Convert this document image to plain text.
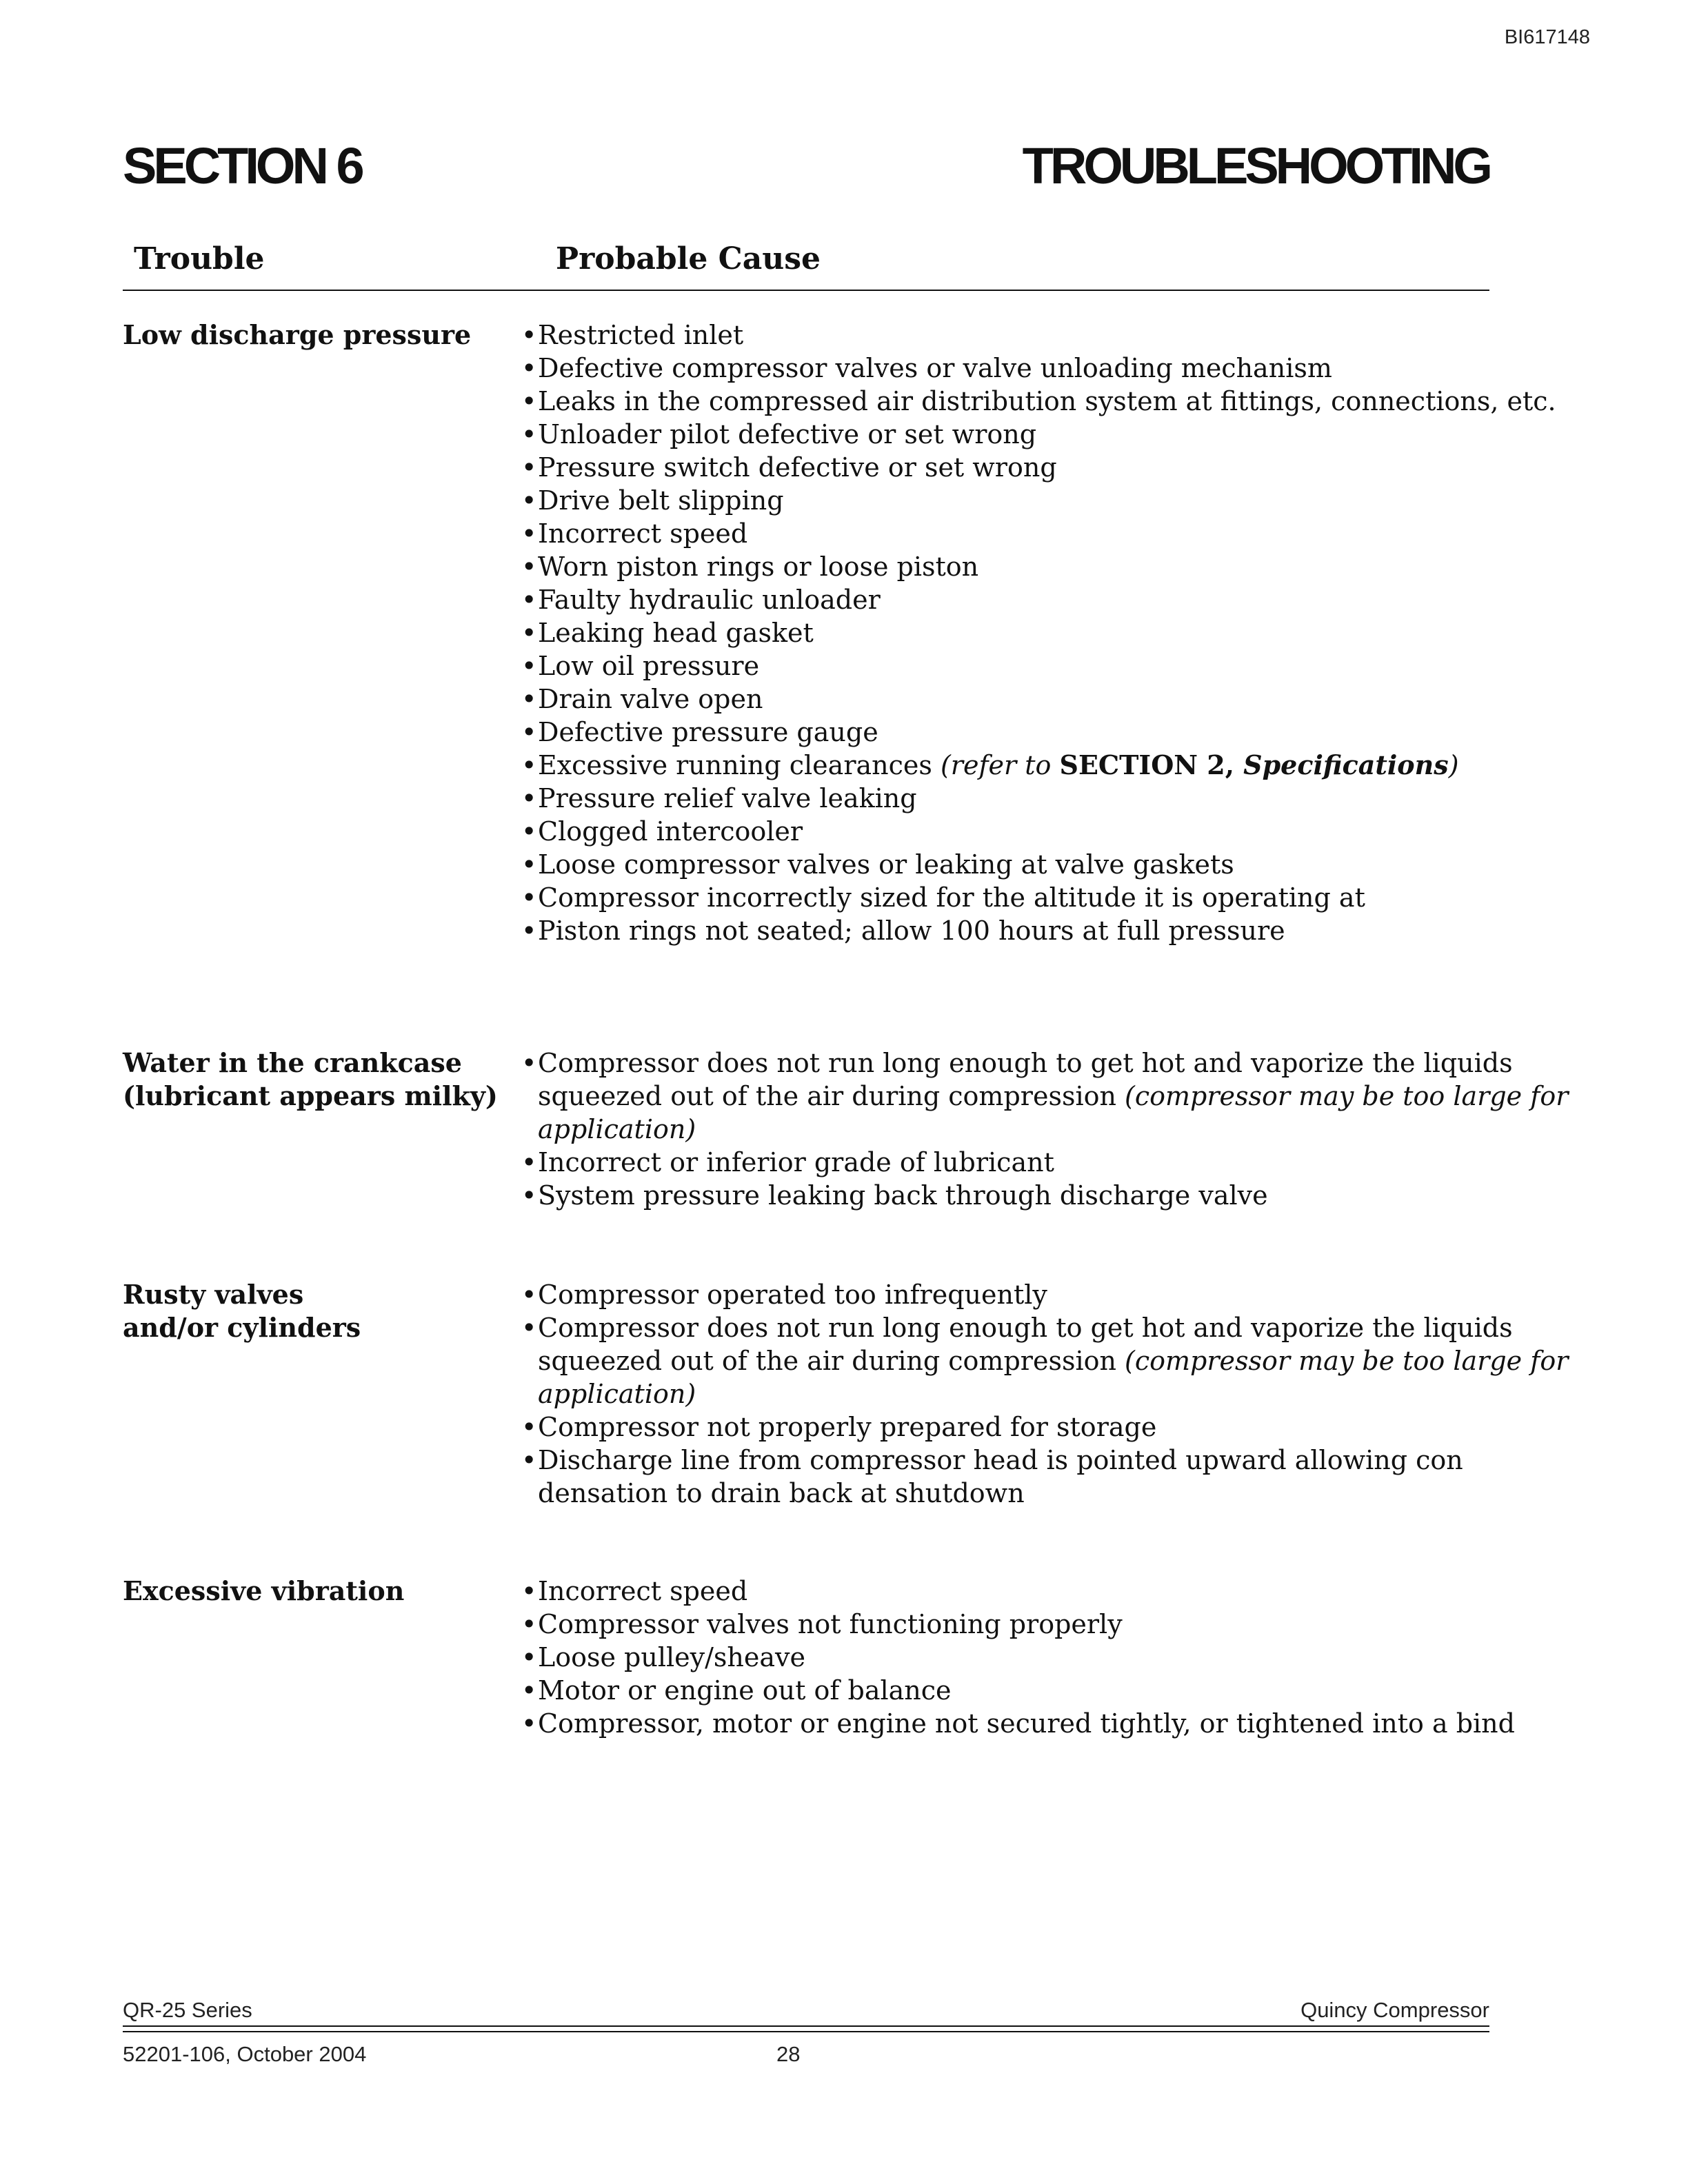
BI617148
SECTION 6	TROUBLESHOOTING
Trouble	Probable Cause
Low discharge pressure	• Restricted inlet
• Defective compressor valves or valve unloading mechanism
• Leaks in the compressed air distribution system at fittings, connections, etc.
• Unloader pilot defective or set wrong
• Pressure switch defective or set wrong
• Drive belt slipping
• Incorrect speed
• Worn piston rings or loose piston
• Faulty hydraulic unloader
• Leaking head gasket
• Low oil pressure
• Drain valve open
• Defective pressure gauge
• Excessive running clearances (refer to SECTION 2, Specifications)
• Pressure relief valve leaking
• Clogged intercooler
• Loose compressor valves or leaking at valve gaskets
• Compressor incorrectly sized for the altitude it is operating at
• Piston rings not seated; allow 100 hours at full pressure
Water in the crankcase
(lubricant appears milky)
• Compressor does not run long enough to get hot and vaporize the liquids squeezed out of the air during compression (compressor may be too large for application)
• Incorrect or inferior grade of lubricant
• System pressure leaking back through discharge valve
Rusty valves
and/or cylinders
• Compressor operated too infrequently
• Compressor does not run long enough to get hot and vaporize the liquids squeezed out of the air during compression (compressor may be too large for application)
• Compressor not properly prepared for storage
• Discharge line from compressor head is pointed upward allowing con densation to drain back at shutdown
Excessive vibration	• Incorrect speed
• Compressor valves not functioning properly
• Loose pulley/sheave
• Motor or engine out of balance
• Compressor, motor or engine not secured tightly, or tightened into a bind
QR-25 Series	Quincy Compressor
52201-106, October 2004	28
